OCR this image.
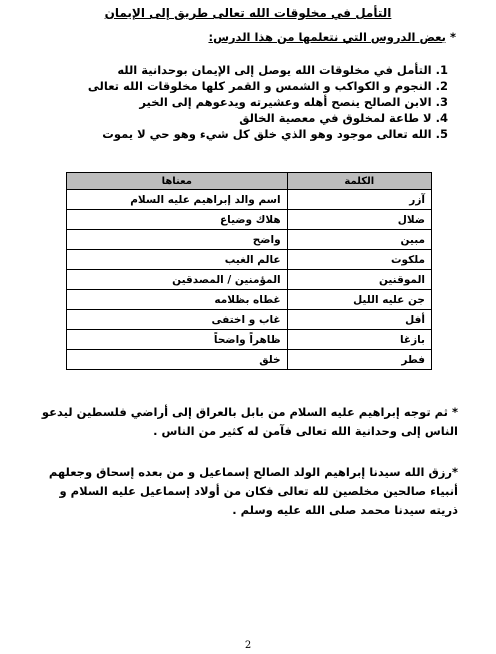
التأمل في مخلوقات الله تعالى طريق إلى الإيمان
* بعض الدروس التي نتعلمها من هذا الدرس:
1. التأمل في مخلوقات الله يوصل إلى الإيمان بوحدانية الله
2. النجوم و الكواكب و الشمس و القمر كلها مخلوقات الله تعالى
3. الابن الصالح ينصح أهله وعشيرته ويدعوهم إلى الخير
4. لا طاعة لمخلوق في معصية الخالق
5. الله تعالى موجود وهو الذي خلق كل شيء وهو حي لا يموت
الكلمة	معناها
آزر	اسم والد إبراهيم عليه السلام
ضلال	هلاك وضياع
مبين	واضح
ملكوت	عالم الغيب
الموقنين	المؤمنين / المصدقين
جن عليه الليل	غطاه بظلامه
أفل	غاب و اختفى
بازغا	ظاهراً واضحاً
فطر	خلق
* ثم توجه إبراهيم عليه السلام من بابل بالعراق إلى أراضي فلسطين ليدعو الناس إلى وحدانية الله تعالى فآمن له كثير من الناس .
*رزق الله سيدنا إبراهيم الولد الصالح إسماعيل و من بعده إسحاق وجعلهم أنبياء صالحين مخلصين لله تعالى فكان من أولاد إسماعيل عليه السلام و ذريته سيدنا محمد صلى الله عليه وسلم .
2
